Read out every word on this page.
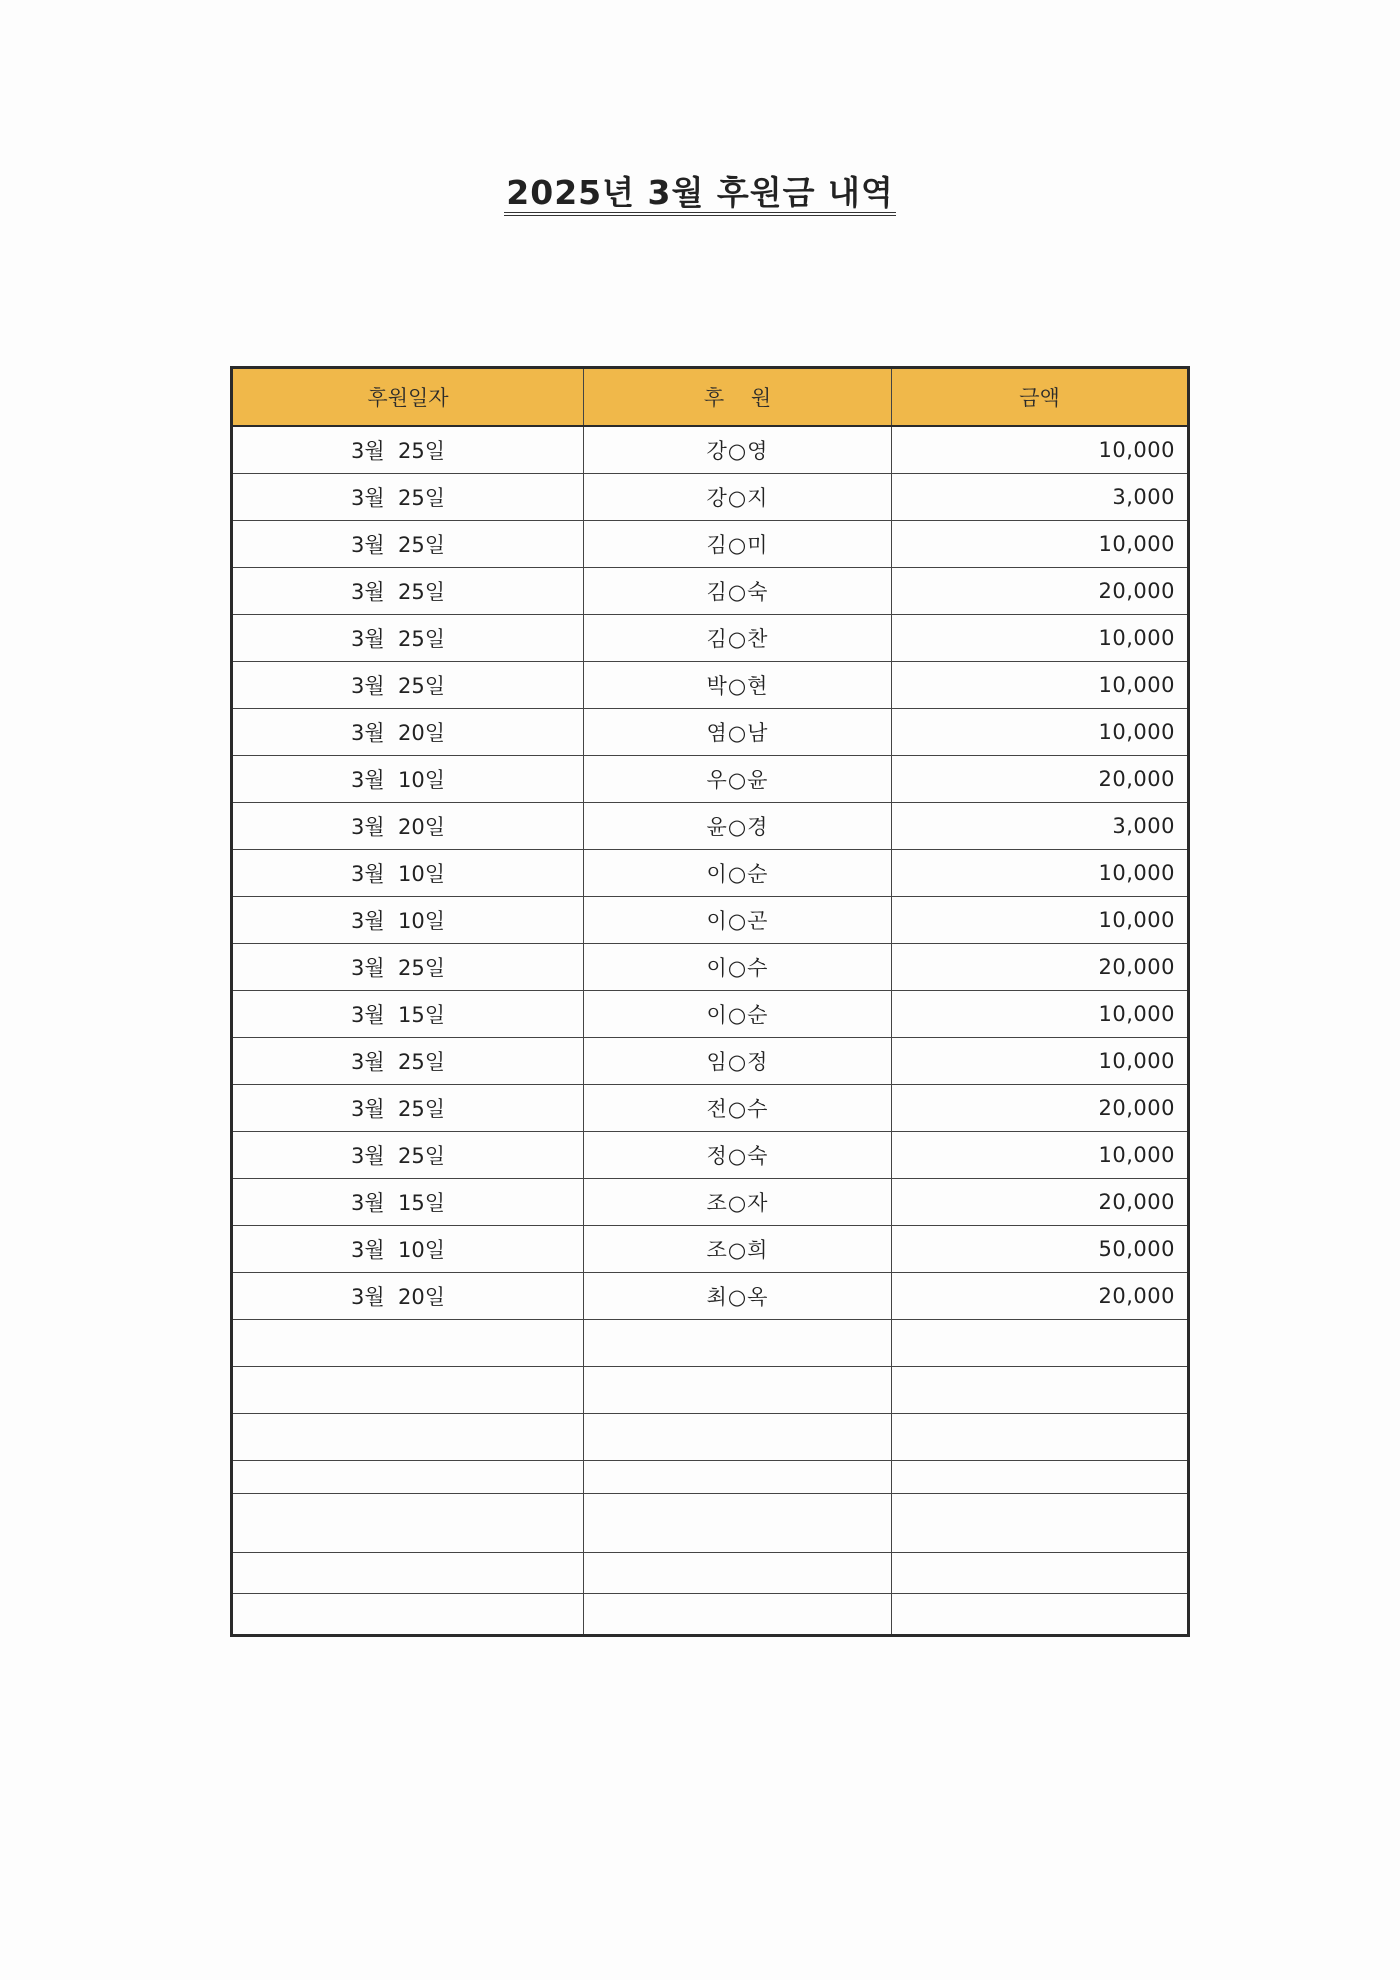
2025년 3월 후원금 내역
후원일자	후    원	금액
3월  25일	강○영	10,000
3월  25일	강○지	3,000
3월  25일	김○미	10,000
3월  25일	김○숙	20,000
3월  25일	김○찬	10,000
3월  25일	박○현	10,000
3월  20일	염○남	10,000
3월  10일	우○윤	20,000
3월  20일	윤○경	3,000
3월  10일	이○순	10,000
3월  10일	이○곤	10,000
3월  25일	이○수	20,000
3월  15일	이○순	10,000
3월  25일	임○정	10,000
3월  25일	전○수	20,000
3월  25일	정○숙	10,000
3월  15일	조○자	20,000
3월  10일	조○희	50,000
3월  20일	최○옥	20,000
